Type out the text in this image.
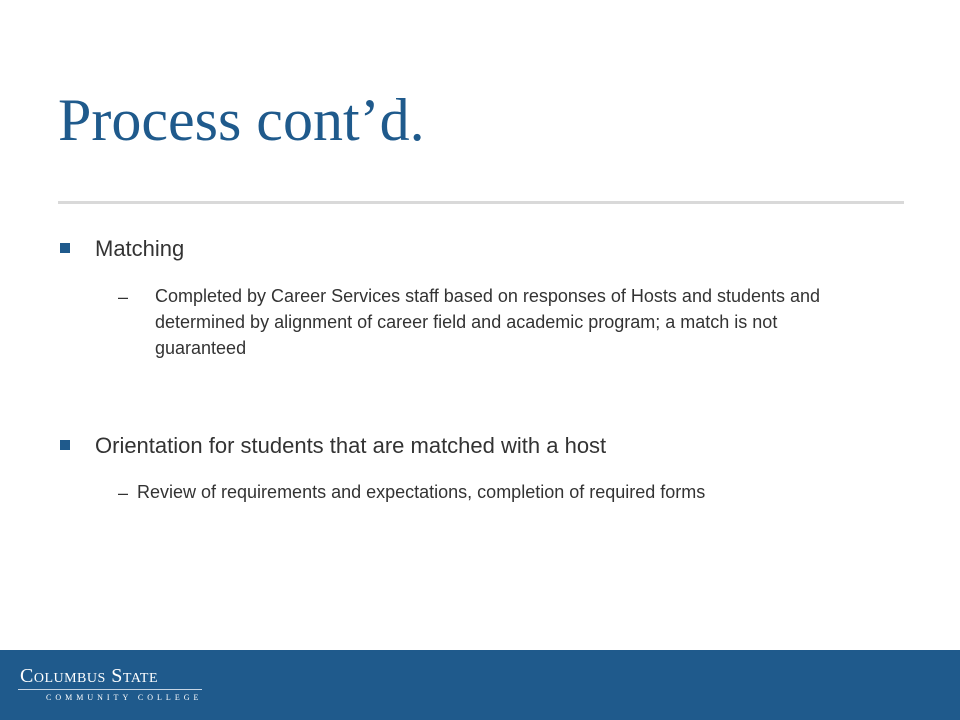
Process cont’d.
Matching
– Completed by Career Services staff based on responses of Hosts and students and determined by alignment of career field and academic program; a match is not guaranteed
Orientation for students that are matched with a host
– Review of requirements and expectations, completion of required forms
Columbus State
COMMUNITY COLLEGE
